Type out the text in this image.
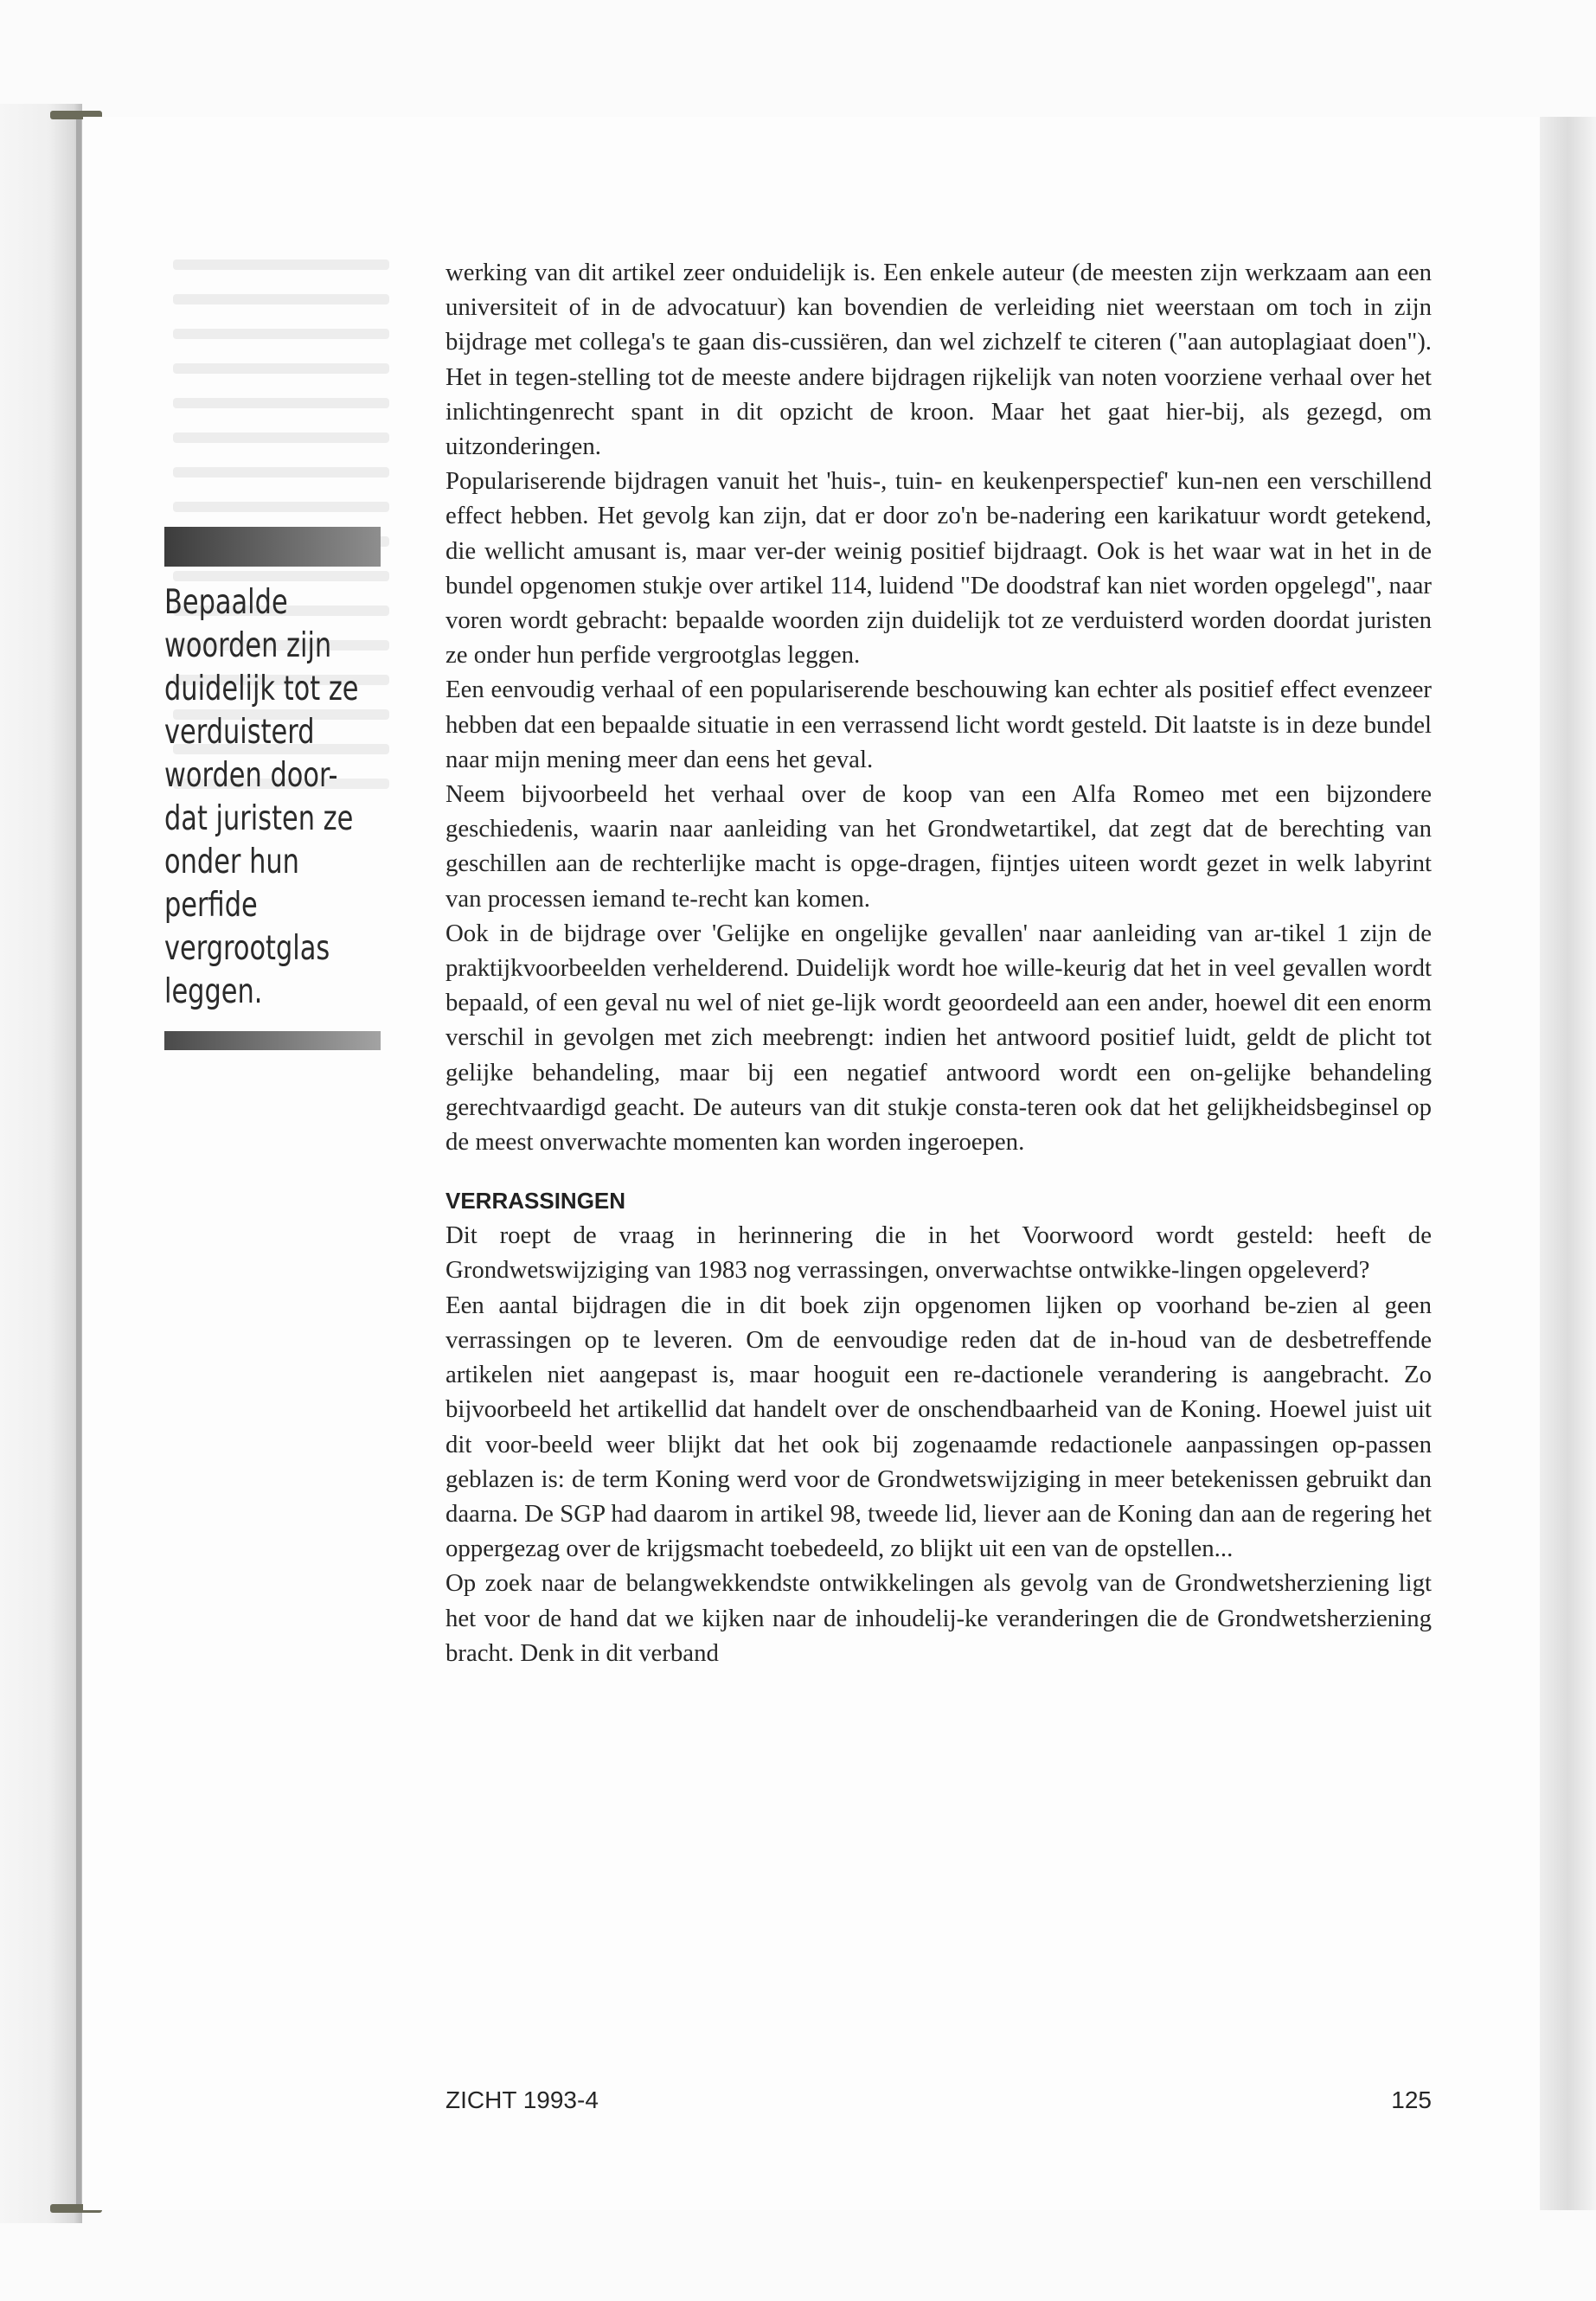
Bepaalde
woorden zijn
duidelijk tot ze
verduisterd
worden door-
dat juristen ze
onder hun
perfide
vergrootglas
leggen.

werking van dit artikel zeer onduidelijk is. Een enkele auteur (de meesten zijn werkzaam aan een universiteit of in de advocatuur) kan bovendien de verleiding niet weerstaan om toch in zijn bijdrage met collega's te gaan dis-cussiëren, dan wel zichzelf te citeren ("aan autoplagiaat doen"). Het in tegen-stelling tot de meeste andere bijdragen rijkelijk van noten voorziene verhaal over het inlichtingenrecht spant in dit opzicht de kroon. Maar het gaat hier-bij, als gezegd, om uitzonderingen.

Populariserende bijdragen vanuit het 'huis-, tuin- en keukenperspectief' kun-nen een verschillend effect hebben. Het gevolg kan zijn, dat er door zo'n be-nadering een karikatuur wordt getekend, die wellicht amusant is, maar ver-der weinig positief bijdraagt. Ook is het waar wat in het in de bundel opgenomen stukje over artikel 114, luidend "De doodstraf kan niet worden opgelegd", naar voren wordt gebracht: bepaalde woorden zijn duidelijk tot ze verduisterd worden doordat juristen ze onder hun perfide vergrootglas leggen.

Een eenvoudig verhaal of een populariserende beschouwing kan echter als positief effect evenzeer hebben dat een bepaalde situatie in een verrassend licht wordt gesteld. Dit laatste is in deze bundel naar mijn mening meer dan eens het geval.

Neem bijvoorbeeld het verhaal over de koop van een Alfa Romeo met een bijzondere geschiedenis, waarin naar aanleiding van het Grondwetartikel, dat zegt dat de berechting van geschillen aan de rechterlijke macht is opge-dragen, fijntjes uiteen wordt gezet in welk labyrint van processen iemand te-recht kan komen.

Ook in de bijdrage over 'Gelijke en ongelijke gevallen' naar aanleiding van ar-tikel 1 zijn de praktijkvoorbeelden verhelderend. Duidelijk wordt hoe wille-keurig dat het in veel gevallen wordt bepaald, of een geval nu wel of niet ge-lijk wordt geoordeeld aan een ander, hoewel dit een enorm verschil in gevolgen met zich meebrengt: indien het antwoord positief luidt, geldt de plicht tot gelijke behandeling, maar bij een negatief antwoord wordt een on-gelijke behandeling gerechtvaardigd geacht. De auteurs van dit stukje consta-teren ook dat het gelijkheidsbeginsel op de meest onverwachte momenten kan worden ingeroepen.

VERRASSINGEN

Dit roept de vraag in herinnering die in het Voorwoord wordt gesteld: heeft de Grondwetswijziging van 1983 nog verrassingen, onverwachtse ontwikke-lingen opgeleverd?

Een aantal bijdragen die in dit boek zijn opgenomen lijken op voorhand be-zien al geen verrassingen op te leveren. Om de eenvoudige reden dat de in-houd van de desbetreffende artikelen niet aangepast is, maar hooguit een re-dactionele verandering is aangebracht. Zo bijvoorbeeld het artikellid dat handelt over de onschendbaarheid van de Koning. Hoewel juist uit dit voor-beeld weer blijkt dat het ook bij zogenaamde redactionele aanpassingen op-passen geblazen is: de term Koning werd voor de Grondwetswijziging in meer betekenissen gebruikt dan daarna. De SGP had daarom in artikel 98, tweede lid, liever aan de Koning dan aan de regering het oppergezag over de krijgsmacht toebedeeld, zo blijkt uit een van de opstellen...

Op zoek naar de belangwekkendste ontwikkelingen als gevolg van de Grondwetsherziening ligt het voor de hand dat we kijken naar de inhoudelij-ke veranderingen die de Grondwetsherziening bracht. Denk in dit verband

ZICHT 1993-4	125
